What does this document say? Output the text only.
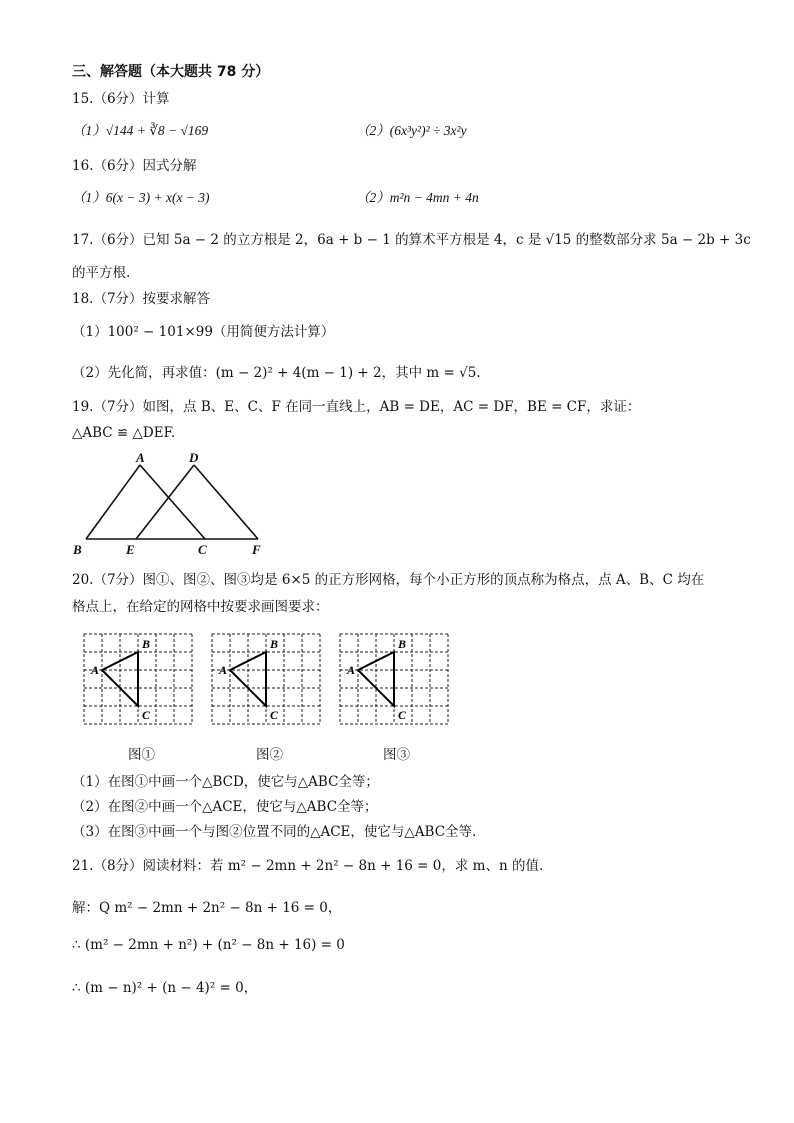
三、解答题（本大题共 78 分）
15.（6分）计算
（1）√144 + ∛8 − √169	（2）(6x³y²)² ÷ 3x²y
16.（6分）因式分解
（1）6(x − 3) + x(x − 3)	（2）m²n − 4mn + 4n
17.（6分）已知 5a − 2 的立方根是 2，6a + b − 1 的算术平方根是 4，c 是 √15 的整数部分求 5a − 2b + 3c
的平方根.
18.（7分）按要求解答
（1）100² − 101×99（用简便方法计算）
（2）先化简，再求值：(m − 2)² + 4(m − 1) + 2，其中 m = √5.
19.（7分）如图，点 B、E、C、F 在同一直线上，AB = DE，AC = DF，BE = CF，求证：
△ABC ≌ △DEF.
A	D
B	E	C	F
20.（7分）图①、图②、图③均是 6×5 的正方形网格，每个小正方形的顶点称为格点，点 A、B、C 均在
格点上，在给定的网格中按要求画图要求：
A
B
C
A
B
C
A
B
C
图①	图②	图③
（1）在图①中画一个△BCD，使它与△ABC全等；
（2）在图②中画一个△ACE，使它与△ABC全等；
（3）在图③中画一个与图②位置不同的△ACE，使它与△ABC全等.
21.（8分）阅读材料：若 m² − 2mn + 2n² − 8n + 16 = 0，求 m、n 的值.
解：Q m² − 2mn + 2n² − 8n + 16 = 0，
∴ (m² − 2mn + n²) + (n² − 8n + 16) = 0
∴ (m − n)² + (n − 4)² = 0，
